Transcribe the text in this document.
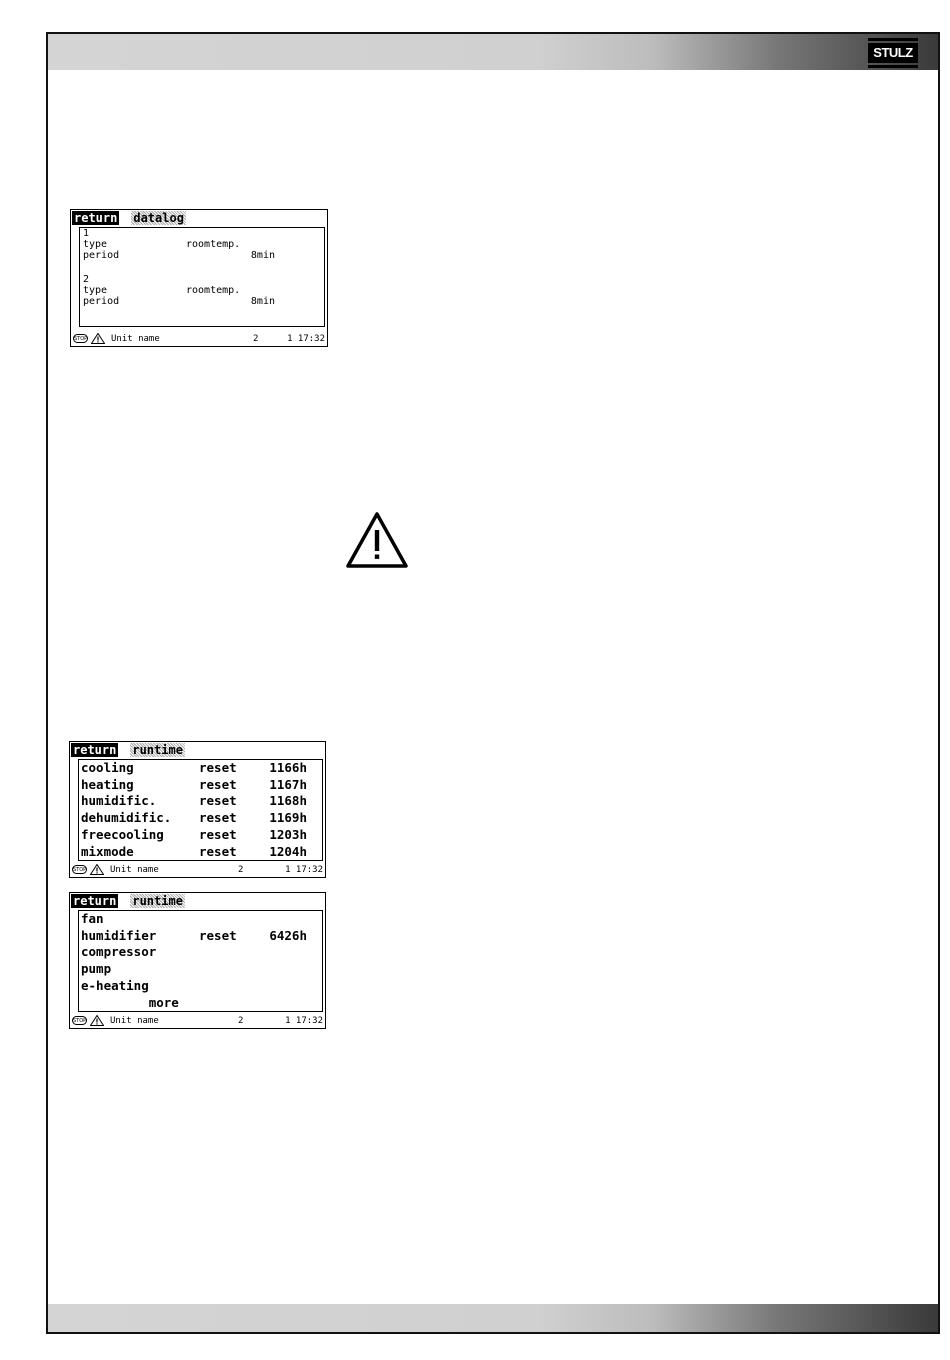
STULZ
return datalog
1
type	roomtemp.
period	8min
2
type	roomtemp.
period	8min
STOP	Unit name	2	1 17:32
return runtime
cooling	reset	1166h
heating	reset	1167h
humidific.	reset	1168h
dehumidific. reset	1169h
freecooling	reset	1203h
mixmode	reset	1204h
STOP	Unit name	2	1 17:32
return runtime
fan
humidifier	reset	6426h
compressor
pump
e-heating
more
STOP	Unit name	2	1 17:32
